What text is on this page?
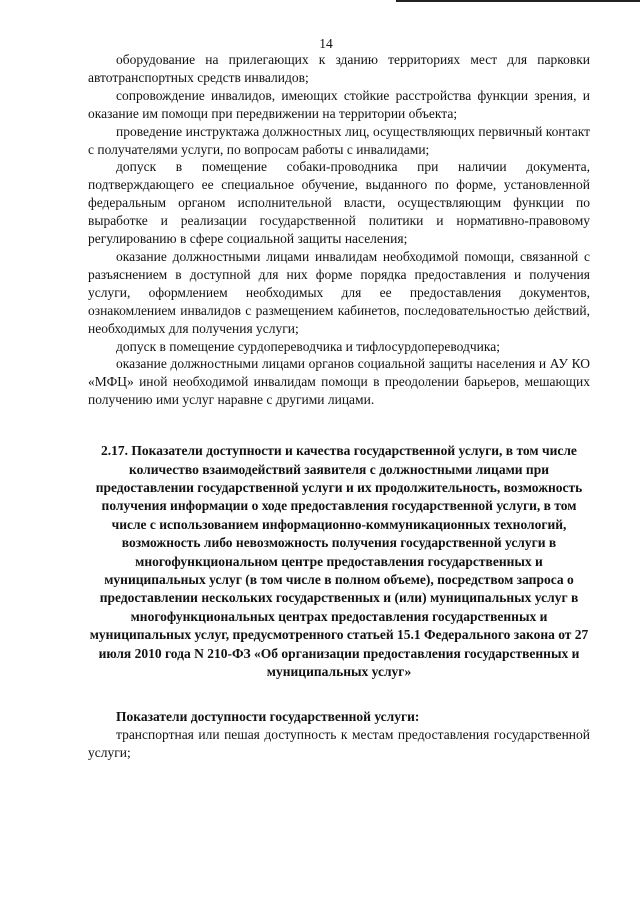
14

оборудование на прилегающих к зданию территориях мест для парковки автотранспортных средств инвалидов;

сопровождение инвалидов, имеющих стойкие расстройства функции зрения, и оказание им помощи при передвижении на территории объекта;

проведение инструктажа должностных лиц, осуществляющих первичный контакт с получателями услуги, по вопросам работы с инвалидами;

допуск в помещение собаки-проводника при наличии документа, подтверждающего ее специальное обучение, выданного по форме, установленной федеральным органом исполнительной власти, осуществляющим функции по выработке и реализации государственной политики и нормативно-правовому регулированию в сфере социальной защиты населения;

оказание должностными лицами инвалидам необходимой помощи, связанной с разъяснением в доступной для них форме порядка предоставления и получения услуги, оформлением необходимых для ее предоставления документов, ознакомлением инвалидов с размещением кабинетов, последовательностью действий, необходимых для получения услуги;

допуск в помещение сурдопереводчика и тифлосурдопереводчика;

оказание должностными лицами органов социальной защиты населения и АУ КО «МФЦ» иной необходимой инвалидам помощи в преодолении барьеров, мешающих получению ими услуг наравне с другими лицами.

2.17. Показатели доступности и качества государственной услуги, в том числе количество взаимодействий заявителя с должностными лицами при предоставлении государственной услуги и их продолжительность, возможность получения информации о ходе предоставления государственной услуги, в том числе с использованием информационно-коммуникационных технологий, возможность либо невозможность получения государственной услуги в многофункциональном центре предоставления государственных и муниципальных услуг (в том числе в полном объеме), посредством запроса о предоставлении нескольких государственных и (или) муниципальных услуг в многофункциональных центрах предоставления государственных и муниципальных услуг, предусмотренного статьей 15.1 Федерального закона от 27 июля 2010 года N 210-ФЗ «Об организации предоставления государственных и муниципальных услуг»

Показатели доступности государственной услуги:

транспортная или пешая доступность к местам предоставления государственной услуги;
